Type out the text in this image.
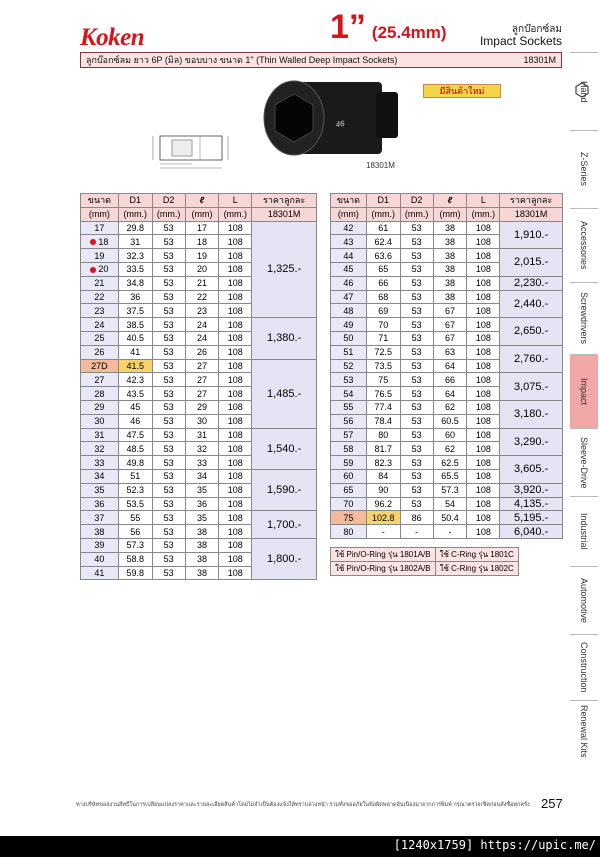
Koken	1” (25.4mm)	ลูกบ๊อกซ์ลม
Impact Sockets
ลูกบ๊อกซ์ลม ยาว 6P (มิล) ขอบบาง ขนาด 1" (Thin Walled Deep Impact Sockets)	18301M
46
มีสินค้าใหม่
18301M
ขนาด	D1	D2	ℓ	L	ราคาลูกละ
(mm)	(mm.)	(mm.)	(mm)	(mm.)	18301M
17	29.8	53	17	108	1,325.-
18	31	53	18	108	
19	32.3	53	19	108	
20	33.5	53	20	108	
21	34.8	53	21	108	
22	36	53	22	108	
23	37.5	53	23	108	
24	38.5	53	24	108	1,380.-
25	40.5	53	24	108	
26	41	53	26	108	
27D	41.5	53	27	108	1,485.-
27	42.3	53	27	108	
28	43.5	53	27	108	
29	45	53	29	108	
30	46	53	30	108	
31	47.5	53	31	108	1,540.-
32	48.5	53	32	108	
33	49.8	53	33	108	
34	51	53	34	108	1,590.-
35	52.3	53	35	108	
36	53.5	53	36	108	
37	55	53	35	108	1,700.-
38	56	53	38	108	
39	57.3	53	38	108	1,800.-
40	58.8	53	38	108	
41	59.8	53	38	108	
ขนาด	D1	D2	ℓ	L	ราคาลูกละ
(mm)	(mm.)	(mm.)	(mm)	(mm.)	18301M
42	61	53	38	108	1,910.-
43	62.4	53	38	108	
44	63.6	53	38	108	2,015.-
45	65	53	38	108	
46	66	53	38	108	2,230.-
47	68	53	38	108	2,440.-
48	69	53	67	108	
49	70	53	67	108	2,650.-
50	71	53	67	108	
51	72.5	53	63	108	2,760.-
52	73.5	53	64	108	
53	75	53	66	108	3,075.-
54	76.5	53	64	108	
55	77.4	53	62	108	3,180.-
56	78.4	53	60.5	108	
57	80	53	60	108	3,290.-
58	81.7	53	62	108	
59	82.3	53	62.5	108	3,605.-
60	84	53	65.5	108	
65	90	53	57.3	108	3,920.-
70	96.2	53	54	108	4,135.-
75	102.8	86	50.4	108	5,195.-
80	-	-	-	108	6,040.-
ใช้ Pin/O-Ring รุ่น 1801A/B	ใช้ C-Ring รุ่น 1801C
ใช้ Pin/O-Ring รุ่น 1802A/B	ใช้ C-Ring รุ่น 1802C
Hand
Z-Series
Accessories
Screwdrivers
Impact
Sleeve-Drive
Industrial
Automotive
Construction
Renewal Kits
ทางบริษัทขอสงวนสิทธิ์ในการเปลี่ยนแปลงราคาและรายละเอียดสินค้าโดยไม่จำเป็นต้องแจ้งให้ทราบล่วงหน้า รวมทั้งขออภัยในข้อผิดพลาดอันเนื่องมาจากการพิมพ์ กรุณาตรวจเช็คก่อนสั่งซื้อทุกครั้ง 257
[1240x1759] https://upic.me/
